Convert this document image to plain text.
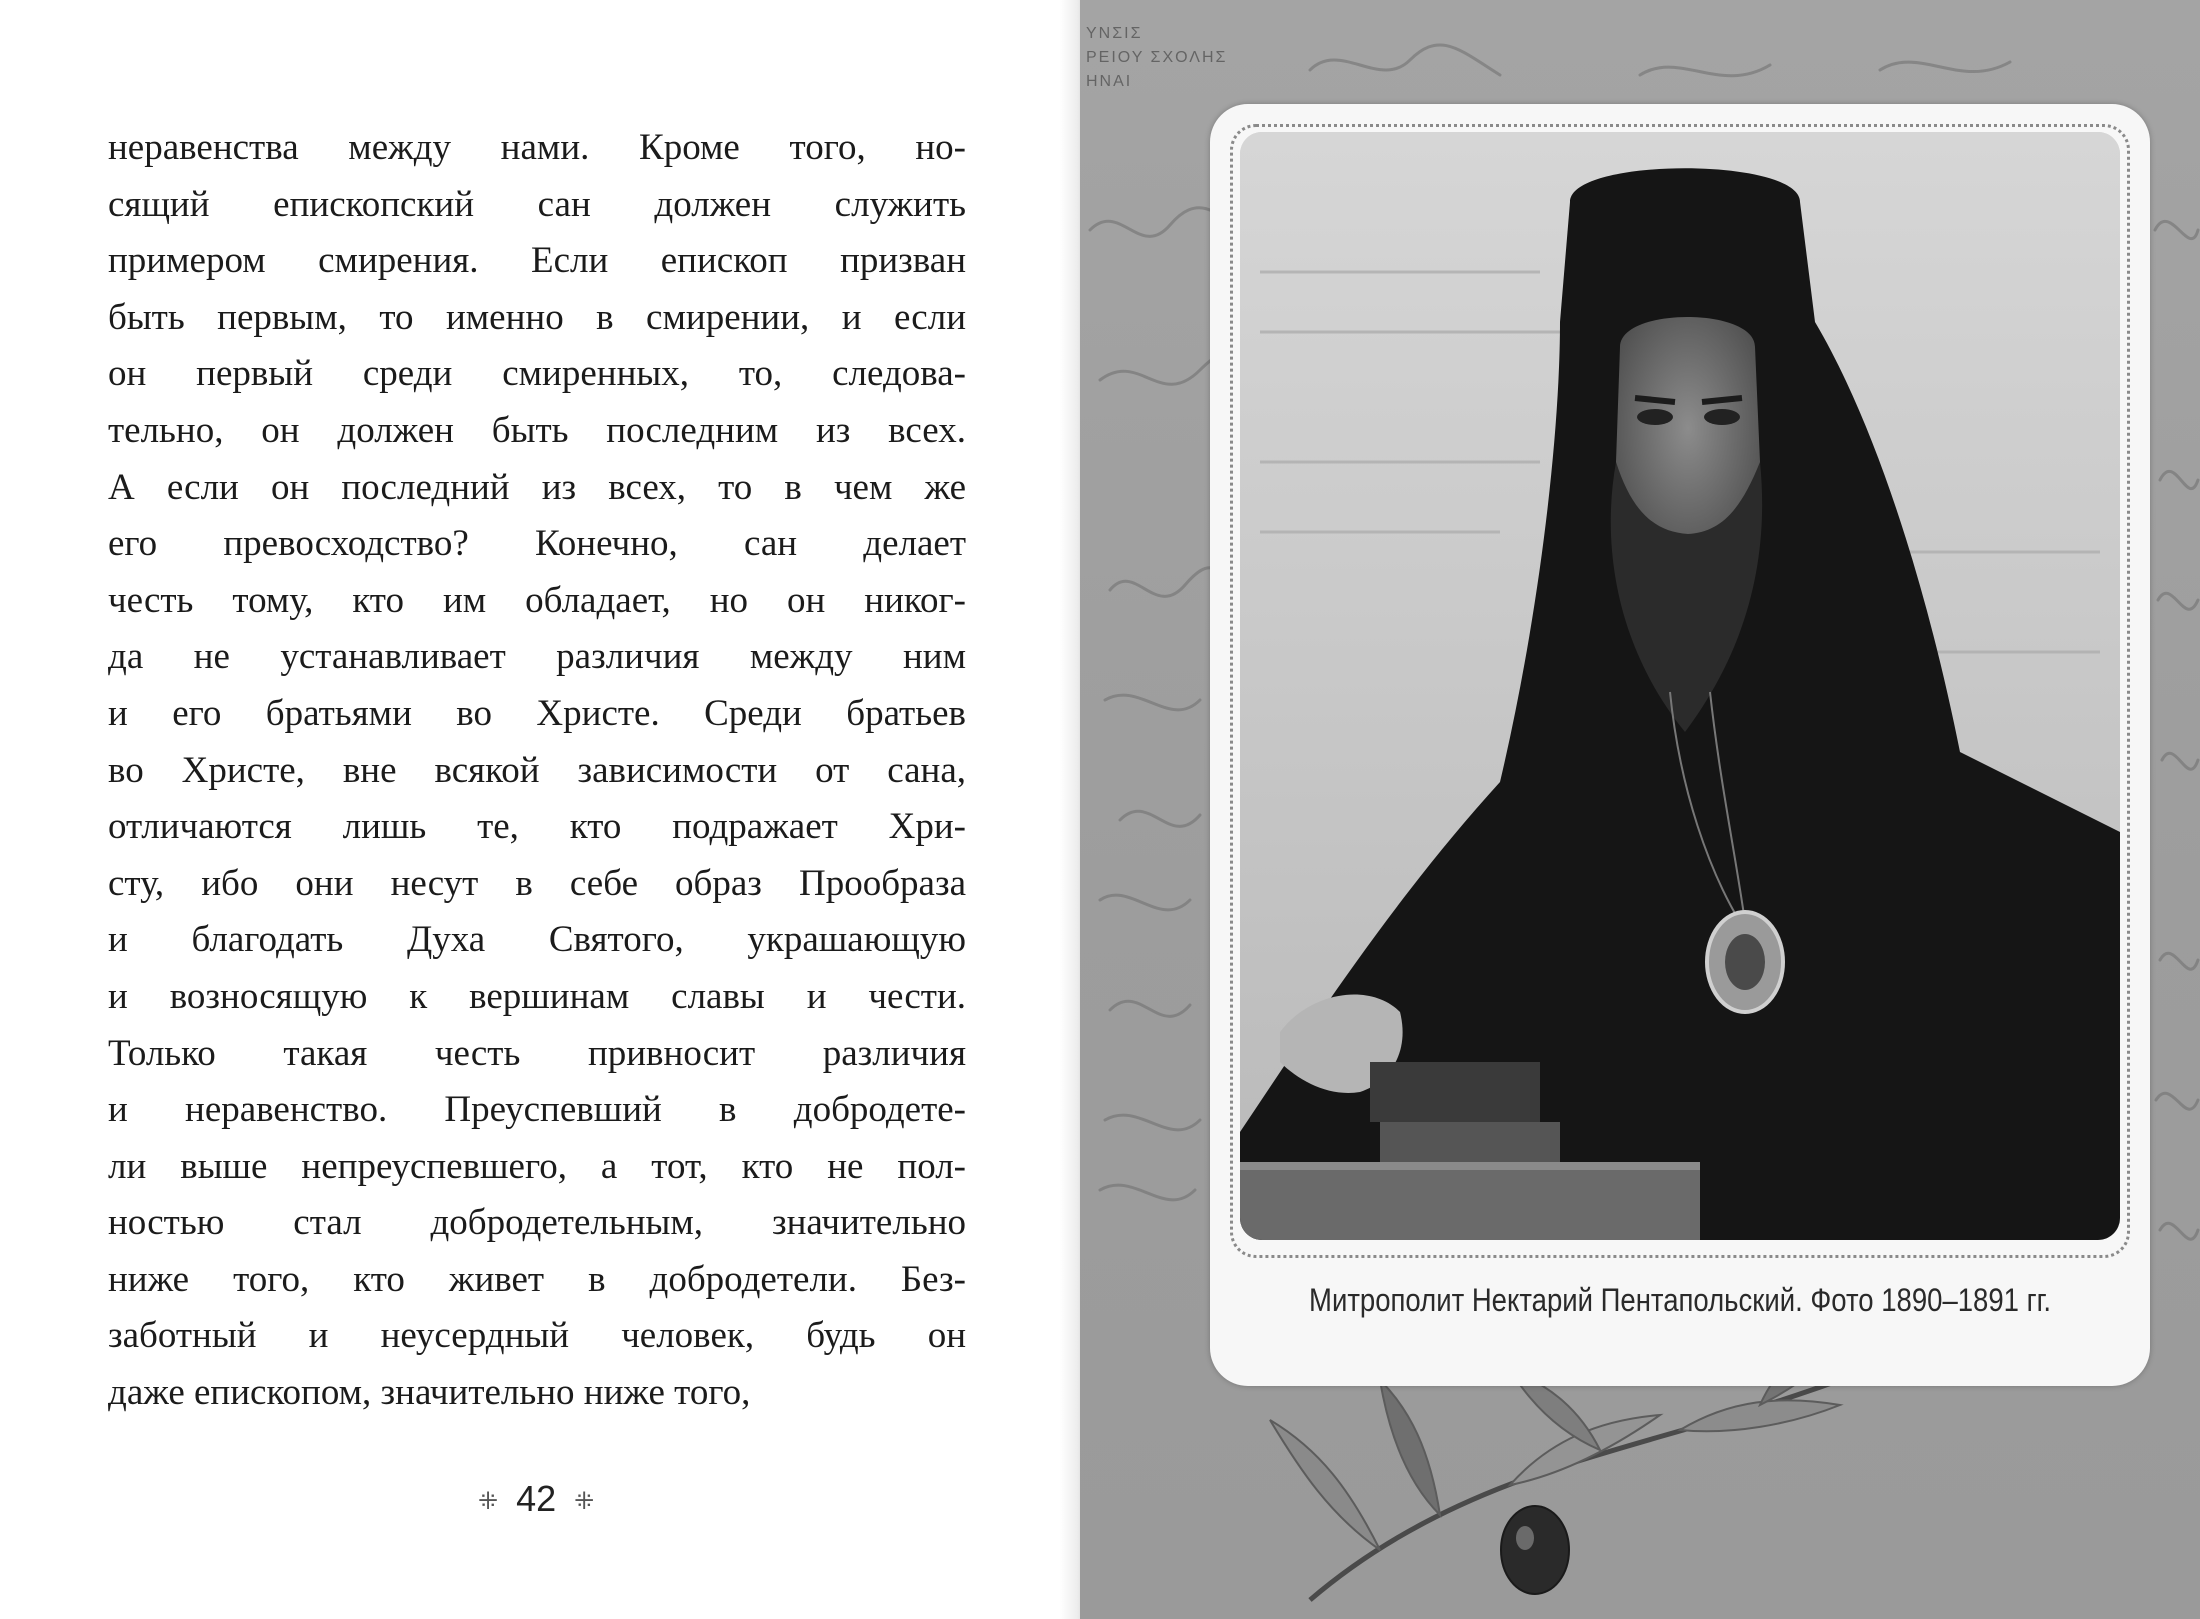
неравенства между нами. Кроме того, но-
сящий епископский сан должен служить
примером смирения. Если епископ призван
быть первым, то именно в смирении, и если
он первый среди смиренных, то, следова-
тельно, он должен быть последним из всех.
А если он последний из всех, то в чем же
его превосходство? Конечно, сан делает
честь тому, кто им обладает, но он никог-
да не устанавливает различия между ним
и его братьями во Христе. Среди братьев
во Христе, вне всякой зависимости от сана,
отличаются лишь те, кто подражает Хри-
сту, ибо они несут в себе образ Прообраза
и благодать Духа Святого, украшающую
и возносящую к вершинам славы и чести.
Только такая честь привносит различия
и неравенство. Преуспевший в добродете-
ли выше непреуспевшего, а тот, кто не пол-
ностью стал добродетельным, значительно
ниже того, кто живет в добродетели. Без-
заботный и неусердный человек, будь он
даже епископом, значительно ниже того,
⁜ 42 ⁜
ΥΝΣΙΣ
ΡΕΙΟΥ ΣΧΟΛΗΣ
ΗΝΑΙ
Митрополит Нектарий Пентапольский. Фото 1890–1891 гг.
